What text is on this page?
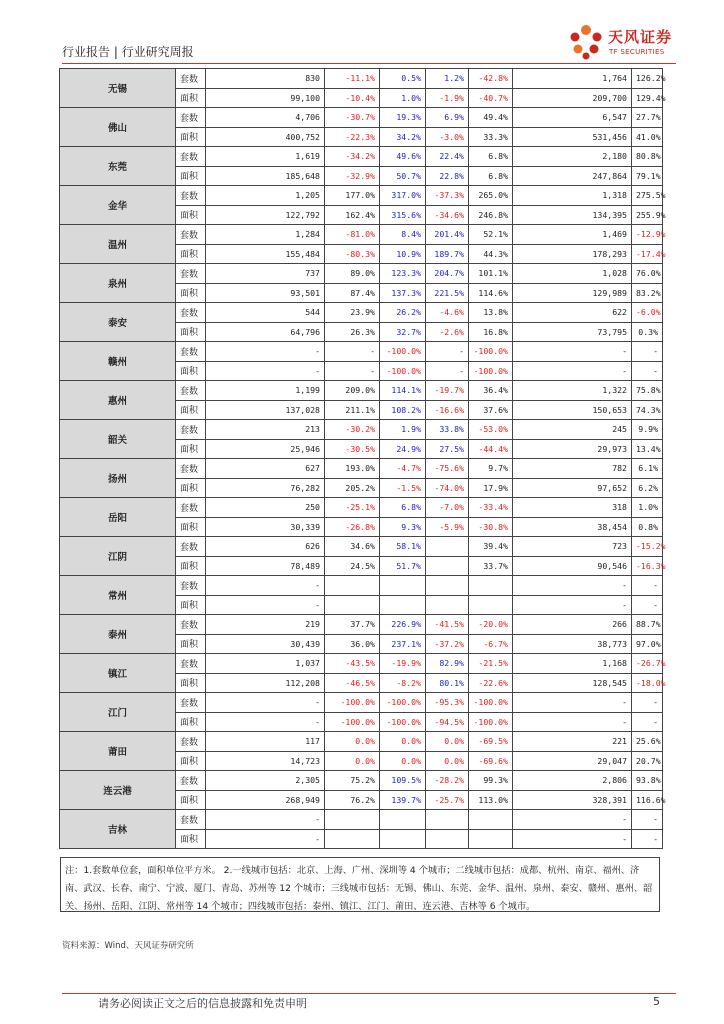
行业报告 | 行业研究周报
天风证券
TF SECURITIES
无锡	套数	830	-11.1%	0.5%	1.2%	-42.8%	1,764	126.2%
	面积	99,100	-10.4%	1.0%	-1.9%	-40.7%	209,700	129.4%
佛山	套数	4,706	-30.7%	19.3%	6.9%	49.4%	6,547	27.7%
	面积	400,752	-22.3%	34.2%	-3.0%	33.3%	531,456	41.0%
东莞	套数	1,619	-34.2%	49.6%	22.4%	6.8%	2,180	80.8%
	面积	185,648	-32.9%	50.7%	22.8%	6.8%	247,864	79.1%
金华	套数	1,205	177.0%	317.0%	-37.3%	265.0%	1,318	275.5%
	面积	122,792	162.4%	315.6%	-34.6%	246.8%	134,395	255.9%
温州	套数	1,284	-81.0%	8.4%	201.4%	52.1%	1,469	-12.9%
	面积	155,484	-80.3%	10.9%	189.7%	44.3%	178,293	-17.4%
泉州	套数	737	89.0%	123.3%	204.7%	101.1%	1,028	76.0%
	面积	93,501	87.4%	137.3%	221.5%	114.6%	129,989	83.2%
泰安	套数	544	23.9%	26.2%	-4.6%	13.8%	622	-6.0%
	面积	64,796	26.3%	32.7%	-2.6%	16.8%	73,795	0.3%
赣州	套数	-	-	-100.0%	-	-100.0%	-	-
	面积	-	-	-100.0%	-	-100.0%	-	-
惠州	套数	1,199	209.0%	114.1%	-19.7%	36.4%	1,322	75.8%
	面积	137,028	211.1%	108.2%	-16.6%	37.6%	150,653	74.3%
韶关	套数	213	-30.2%	1.9%	33.8%	-53.0%	245	9.9%
	面积	25,946	-30.5%	24.9%	27.5%	-44.4%	29,973	13.4%
扬州	套数	627	193.0%	-4.7%	-75.6%	9.7%	782	6.1%
	面积	76,282	205.2%	-1.5%	-74.0%	17.9%	97,652	6.2%
岳阳	套数	250	-25.1%	6.8%	-7.0%	-33.4%	318	1.0%
	面积	30,339	-26.8%	9.3%	-5.9%	-30.8%	38,454	0.8%
江阴	套数	626	34.6%	58.1%		39.4%	723	-15.2%
	面积	78,489	24.5%	51.7%		33.7%	90,546	-16.3%
常州	套数	-					-	-
	面积	-					-	-
泰州	套数	219	37.7%	226.9%	-41.5%	-20.0%	266	88.7%
	面积	30,439	36.0%	237.1%	-37.2%	-6.7%	38,773	97.0%
镇江	套数	1,037	-43.5%	-19.9%	82.9%	-21.5%	1,168	-26.7%
	面积	112,208	-46.5%	-8.2%	80.1%	-22.6%	128,545	-18.0%
江门	套数	-	-100.0%	-100.0%	-95.3%	-100.0%	-	-
	面积	-	-100.0%	-100.0%	-94.5%	-100.0%	-	-
莆田	套数	117	0.0%	0.0%	0.0%	-69.5%	221	25.6%
	面积	14,723	0.0%	0.0%	0.0%	-69.6%	29,047	20.7%
连云港	套数	2,305	75.2%	109.5%	-28.2%	99.3%	2,806	93.8%
	面积	268,949	76.2%	139.7%	-25.7%	113.0%	328,391	116.6%
吉林	套数	-					-	-
	面积	-					-	-
注：1.套数单位套，面积单位平方米。 2.一线城市包括：北京、上海、广州、深圳等 4 个城市；二线城市包括：成都、杭州、南京、福州、济南、武汉、长春、南宁、宁波、厦门、青岛、苏州等 12 个城市；三线城市包括：无锡、佛山、东莞、金华、温州、泉州、泰安、赣州、惠州、韶关、扬州、岳阳、江阴、常州等 14 个城市；四线城市包括：泰州、镇江、江门、莆田、连云港、吉林等 6 个城市。
资料来源：Wind、天风证券研究所
请务必阅读正文之后的信息披露和免责申明	5
